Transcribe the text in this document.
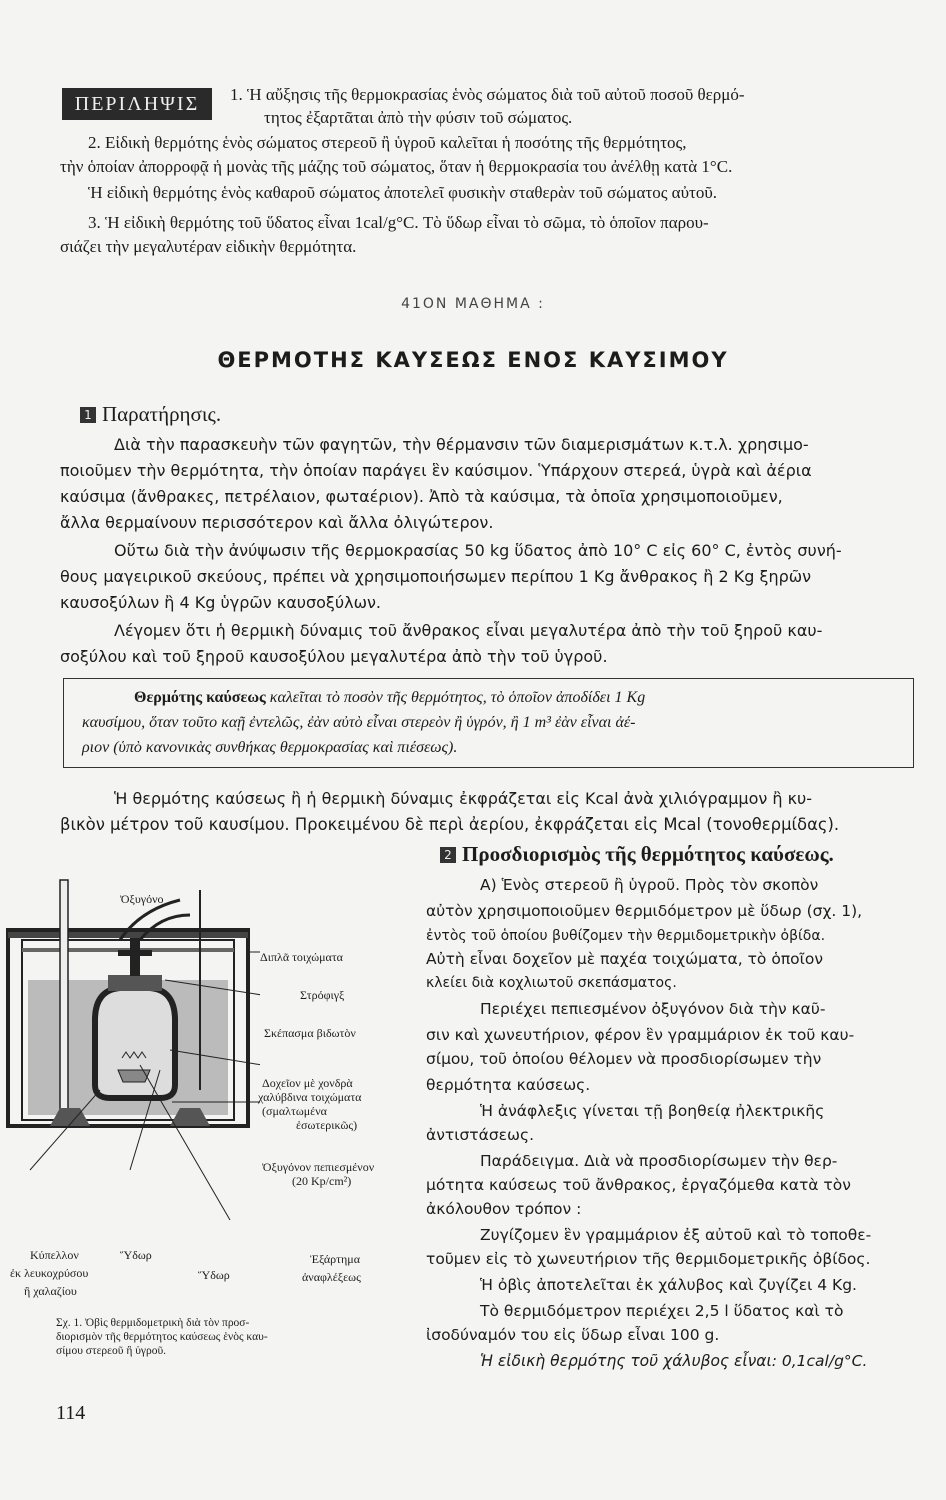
ΠΕΡΙΛΗΨΙΣ	1. Ἡ αὔξησις τῆς θερμοκρασίας ἑνὸς σώματος διὰ τοῦ αὐτοῦ ποσοῦ θερμό-
τητος ἐξαρτᾶται ἀπὸ τὴν φύσιν τοῦ σώματος.
2. Εἰδικὴ θερμότης ἑνὸς σώματος στερεοῦ ἢ ὑγροῦ καλεῖται ἡ ποσότης τῆς θερμότητος,
τὴν ὁποίαν ἀπορροφᾷ ἡ μονὰς τῆς μάζης τοῦ σώματος, ὅταν ἡ θερμοκρασία του ἀνέλθῃ κατὰ 1°C.
Ἡ εἰδικὴ θερμότης ἑνὸς καθαροῦ σώματος ἀποτελεῖ φυσικὴν σταθερὰν τοῦ σώματος αὐτοῦ.
3. Ἡ εἰδικὴ θερμότης τοῦ ὕδατος εἶναι 1cal/g°C. Τὸ ὕδωρ εἶναι τὸ σῶμα, τὸ ὁποῖον παρου-
σιάζει τὴν μεγαλυτέραν εἰδικὴν θερμότητα.
41ΟΝ ΜΑΘΗΜΑ :
ΘΕΡΜΟΤΗΣ ΚΑΥΣΕΩΣ ΕΝΟΣ ΚΑΥΣΙΜΟΥ
1 Παρατήρησις.
Διὰ τὴν παρασκευὴν τῶν φαγητῶν, τὴν θέρμανσιν τῶν διαμερισμάτων κ.τ.λ. χρησιμο-
ποιοῦμεν τὴν θερμότητα, τὴν ὁποίαν παράγει ἓν καύσιμον. Ὑπάρχουν στερεά, ὑγρὰ καὶ ἀέρια
καύσιμα (ἄνθρακες, πετρέλαιον, φωταέριον). Ἀπὸ τὰ καύσιμα, τὰ ὁποῖα χρησιμοποιοῦμεν,
ἄλλα θερμαίνουν περισσότερον καὶ ἄλλα ὀλιγώτερον.
Οὕτω διὰ τὴν ἀνύψωσιν τῆς θερμοκρασίας 50 kg ὕδατος ἀπὸ 10° C εἰς 60° C, ἐντὸς συνή-
θους μαγειρικοῦ σκεύους, πρέπει νὰ χρησιμοποιήσωμεν περίπου 1 Kg ἄνθρακος ἢ 2 Kg ξηρῶν
καυσοξύλων ἢ 4 Kg ὑγρῶν καυσοξύλων.
Λέγομεν ὅτι ἡ θερμικὴ δύναμις τοῦ ἄνθρακος εἶναι μεγαλυτέρα ἀπὸ τὴν τοῦ ξηροῦ καυ-
σοξύλου καὶ τοῦ ξηροῦ καυσοξύλου μεγαλυτέρα ἀπὸ τὴν τοῦ ὑγροῦ.
Θερμότης καύσεως καλεῖται τὸ ποσὸν τῆς θερμότητος, τὸ ὁποῖον ἀποδίδει 1 Kg
καυσίμου, ὅταν τοῦτο καῇ ἐντελῶς, ἐὰν αὐτὸ εἶναι στερεὸν ἢ ὑγρόν, ἢ 1 m³ ἐὰν εἶναι ἀέ-
ριον (ὑπὸ κανονικὰς συνθήκας θερμοκρασίας καὶ πιέσεως).
Ἡ θερμότης καύσεως ἢ ἡ θερμικὴ δύναμις ἐκφράζεται εἰς Kcal ἀνὰ χιλιόγραμμον ἢ κυ-
βικὸν μέτρον τοῦ καυσίμου. Προκειμένου δὲ περὶ ἀερίου, ἐκφράζεται εἰς Mcal (τονοθερμίδας).
2 Προσδιορισμὸς τῆς θερμότητος καύσεως.
Α) Ἑνὸς στερεοῦ ἢ ὑγροῦ. Πρὸς τὸν σκοπὸν
αὐτὸν χρησιμοποιοῦμεν θερμιδόμετρον μὲ ὕδωρ (σχ. 1),
ἐντὸς τοῦ ὁποίου βυθίζομεν τὴν θερμιδομετρικὴν ὀβίδα.
Αὐτὴ εἶναι δοχεῖον μὲ παχέα τοιχώματα, τὸ ὁποῖον
κλείει διὰ κοχλιωτοῦ σκεπάσματος.
Περιέχει πεπιεσμένον ὀξυγόνον διὰ τὴν καῦ-
σιν καὶ χωνευτήριον, φέρον ἓν γραμμάριον ἐκ τοῦ καυ-
σίμου, τοῦ ὁποίου θέλομεν νὰ προσδιορίσωμεν τὴν
θερμότητα καύσεως.
Ἡ ἀνάφλεξις γίνεται τῇ βοηθείᾳ ἠλεκτρικῆς
ἀντιστάσεως.
Παράδειγμα. Διὰ νὰ προσδιορίσωμεν τὴν θερ-
μότητα καύσεως τοῦ ἄνθρακος, ἐργαζόμεθα κατὰ τὸν
ἀκόλουθον τρόπον :
Ζυγίζομεν ἓν γραμμάριον ἐξ αὐτοῦ καὶ τὸ τοποθε-
τοῦμεν εἰς τὸ χωνευτήριον τῆς θερμιδομετρικῆς ὀβίδος.
Ἡ ὀβὶς ἀποτελεῖται ἐκ χάλυβος καὶ ζυγίζει 4 Kg.
Τὸ θερμιδόμετρον περιέχει 2,5 l ὕδατος καὶ τὸ
ἰσοδύναμόν του εἰς ὕδωρ εἶναι 100 g.
Ἡ εἰδικὴ θερμότης τοῦ χάλυβος εἶναι: 0,1cal/g°C.
Ὀξυγόνο
Διπλᾶ τοιχώματα
Στρόφιγξ
Σκέπασμα βιδωτὸν
Δοχεῖον μὲ χονδρὰ
χαλύβδινα τοιχώματα
(σμαλτωμένα
ἐσωτερικῶς)
Ὀξυγόνον πεπιεσμένον
(20 Kp/cm²)
Κύπελλον
ἐκ λευκοχρύσου
ἢ χαλαζίου
Ὕδωρ
Ὕδωρ
Ἐξάρτημα
ἀναφλέξεως
Σχ. 1. Ὀβὶς θερμιδομετρικὴ διὰ τὸν προσ-
διορισμὸν τῆς θερμότητος καύσεως ἑνὸς καυ-
σίμου στερεοῦ ἢ ὑγροῦ.
114
